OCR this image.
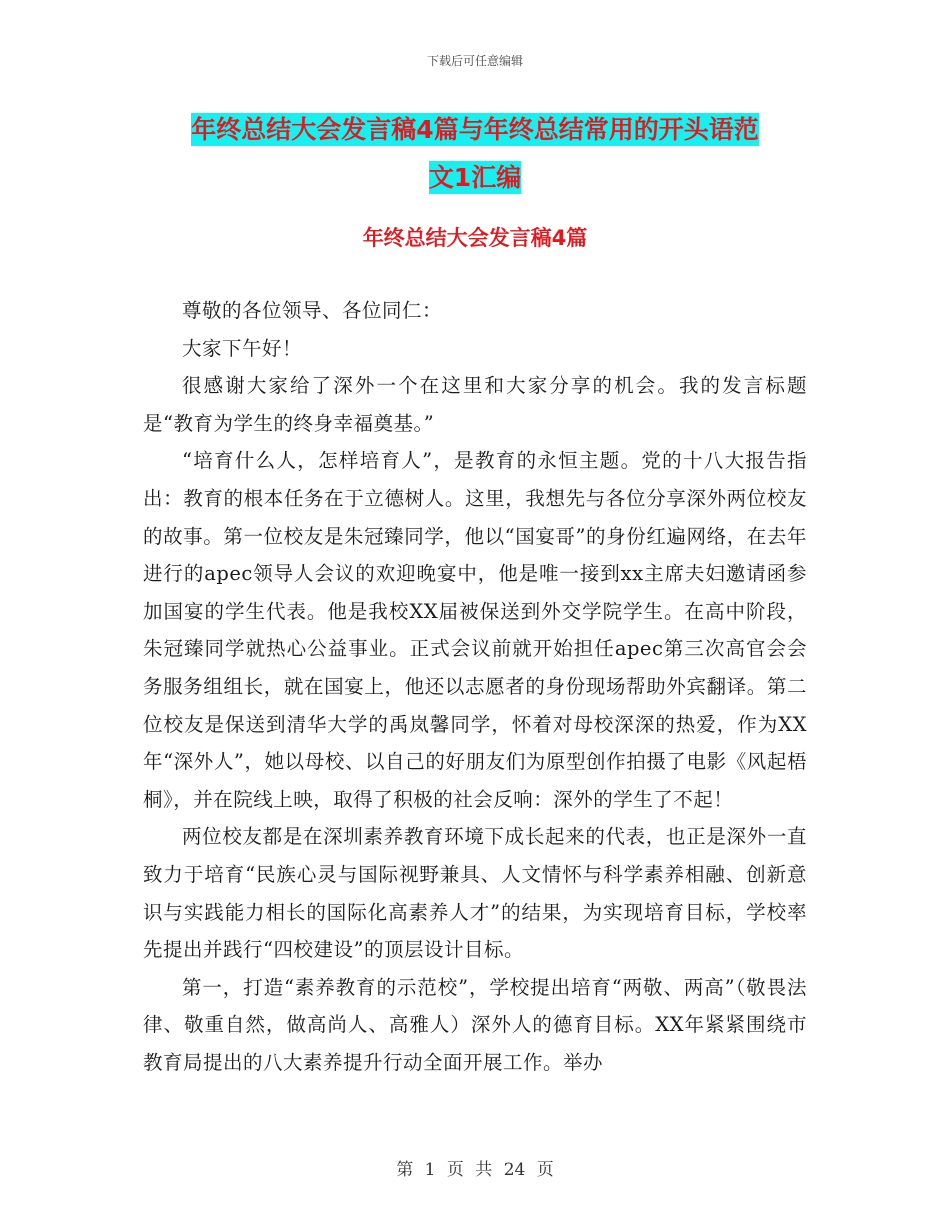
下载后可任意编辑
年终总结大会发言稿4篇与年终总结常用的开头语范
文1汇编
年终总结大会发言稿4篇

尊敬的各位领导、各位同仁：

大家下午好！

很感谢大家给了深外一个在这里和大家分享的机会。我的发言标题是“教育为学生的终身幸福奠基。”

“培育什么人，怎样培育人”，是教育的永恒主题。党的十八大报告指出：教育的根本任务在于立德树人。这里，我想先与各位分享深外两位校友的故事。第一位校友是朱冠臻同学，他以“国宴哥”的身份红遍网络，在去年进行的apec领导人会议的欢迎晚宴中，他是唯一接到xx主席夫妇邀请函参加国宴的学生代表。他是我校XX届被保送到外交学院学生。在高中阶段，朱冠臻同学就热心公益事业。正式会议前就开始担任apec第三次高官会会务服务组组长，就在国宴上，他还以志愿者的身份现场帮助外宾翻译。第二位校友是保送到清华大学的禹岚馨同学，怀着对母校深深的热爱，作为XX年“深外人”，她以母校、以自己的好朋友们为原型创作拍摄了电影《风起梧桐》，并在院线上映，取得了积极的社会反响：深外的学生了不起！

两位校友都是在深圳素养教育环境下成长起来的代表，也正是深外一直致力于培育“民族心灵与国际视野兼具、人文情怀与科学素养相融、创新意识与实践能力相长的国际化高素养人才”的结果，为实现培育目标，学校率先提出并践行“四校建设”的顶层设计目标。

第一，打造“素养教育的示范校”，学校提出培育“两敬、两高”（敬畏法律、敬重自然，做高尚人、高雅人）深外人的德育目标。XX年紧紧围绕市教育局提出的八大素养提升行动全面开展工作。举办

第 1 页 共 24 页
